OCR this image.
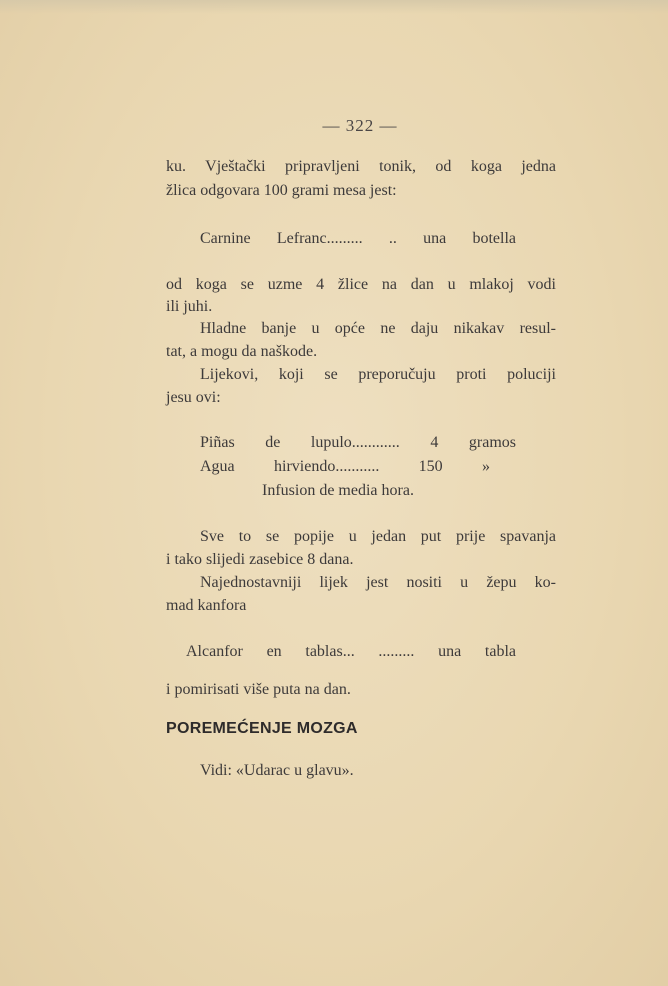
— 322 —
ku. Vještački pripravljeni tonik, od koga jedna
žlica odgovara 100 grami mesa jest:
Carnine Lefranc......... .. una botella
od koga se uzme 4 žlice na dan u mlakoj vodi
ili juhi.
Hladne banje u opće ne daju nikakav resul-
tat, a mogu da naškode.
Lijekovi, koji se preporučuju proti poluciji
jesu ovi:
Piñas de lupulo............ 4 gramos
Agua hirviendo........... 150 »
Infusion de media hora.
Sve to se popije u jedan put prije spavanja
i tako slijedi zasebice 8 dana.
Najednostavniji lijek jest nositi u žepu ko-
mad kanfora
Alcanfor en tablas... ......... una tabla
i pomirisati više puta na dan.
POREMEĆENJE MOZGA
Vidi: «Udarac u glavu».
